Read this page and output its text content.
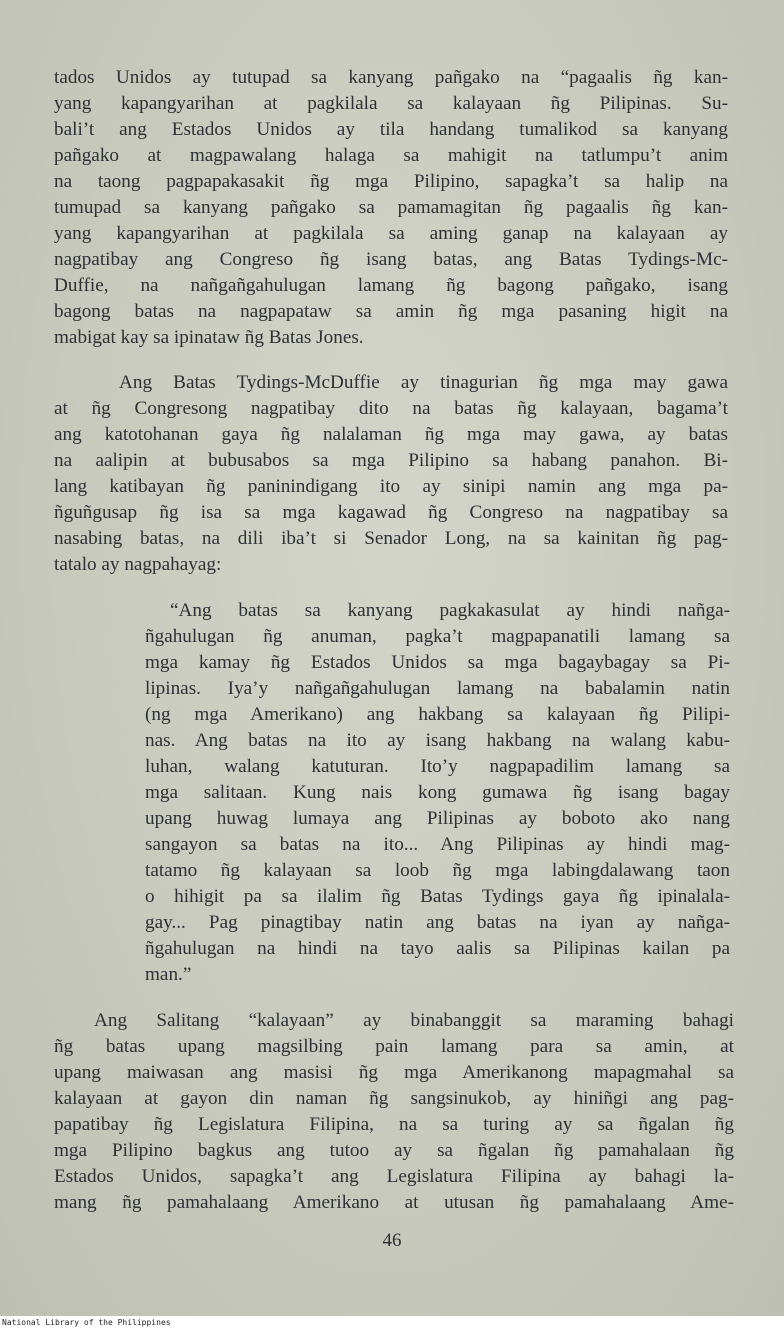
tados Unidos ay tutupad sa kanyang pañgako na “pagaalis ñg kan-
yang kapangyarihan at pagkilala sa kalayaan ñg Pilipinas. Su-
bali’t ang Estados Unidos ay tila handang tumalikod sa kanyang
pañgako at magpawalang halaga sa mahigit na tatlumpu’t anim
na taong pagpapakasakit ñg mga Pilipino, sapagka’t sa halip na
tumupad sa kanyang pañgako sa pamamagitan ñg pagaalis ñg kan-
yang kapangyarihan at pagkilala sa aming ganap na kalayaan ay
nagpatibay ang Congreso ñg isang batas, ang Batas Tydings-Mc-
Duffie, na nañgañgahulugan lamang ñg bagong pañgako, isang
bagong batas na nagpapataw sa amin ñg mga pasaning higit na
mabigat kay sa ipinataw ñg Batas Jones.
Ang Batas Tydings-McDuffie ay tinagurian ñg mga may gawa
at ñg Congresong nagpatibay dito na batas ñg kalayaan, bagama’t
ang katotohanan gaya ñg nalalaman ñg mga may gawa, ay batas
na aalipin at bubusabos sa mga Pilipino sa habang panahon. Bi-
lang katibayan ñg paninindigang ito ay sinipi namin ang mga pa-
ñguñgusap ñg isa sa mga kagawad ñg Congreso na nagpatibay sa
nasabing batas, na dili iba’t si Senador Long, na sa kainitan ñg pag-
tatalo ay nagpahayag:
“Ang batas sa kanyang pagkakasulat ay hindi nañga-
ñgahulugan ñg anuman, pagka’t magpapanatili lamang sa
mga kamay ñg Estados Unidos sa mga bagaybagay sa Pi-
lipinas. Iya’y nañgañgahulugan lamang na babalamin natin
(ng mga Amerikano) ang hakbang sa kalayaan ñg Pilipi-
nas. Ang batas na ito ay isang hakbang na walang kabu-
luhan, walang katuturan. Ito’y nagpapadilim lamang sa
mga salitaan. Kung nais kong gumawa ñg isang bagay
upang huwag lumaya ang Pilipinas ay boboto ako nang
sangayon sa batas na ito... Ang Pilipinas ay hindi mag-
tatamo ñg kalayaan sa loob ñg mga labingdalawang taon
o hihigit pa sa ilalim ñg Batas Tydings gaya ñg ipinalala-
gay... Pag pinagtibay natin ang batas na iyan ay nañga-
ñgahulugan na hindi na tayo aalis sa Pilipinas kailan pa
man.”
Ang Salitang “kalayaan” ay binabanggit sa maraming bahagi
ñg batas upang magsilbing pain lamang para sa amin, at
upang maiwasan ang masisi ñg mga Amerikanong mapagmahal sa
kalayaan at gayon din naman ñg sangsinukob, ay hiniñgi ang pag-
papatibay ñg Legislatura Filipina, na sa turing ay sa ñgalan ñg
mga Pilipino bagkus ang tutoo ay sa ñgalan ñg pamahalaan ñg
Estados Unidos, sapagka’t ang Legislatura Filipina ay bahagi la-
mang ñg pamahalaang Amerikano at utusan ñg pamahalaang Ame-
46
National Library of the Philippines
